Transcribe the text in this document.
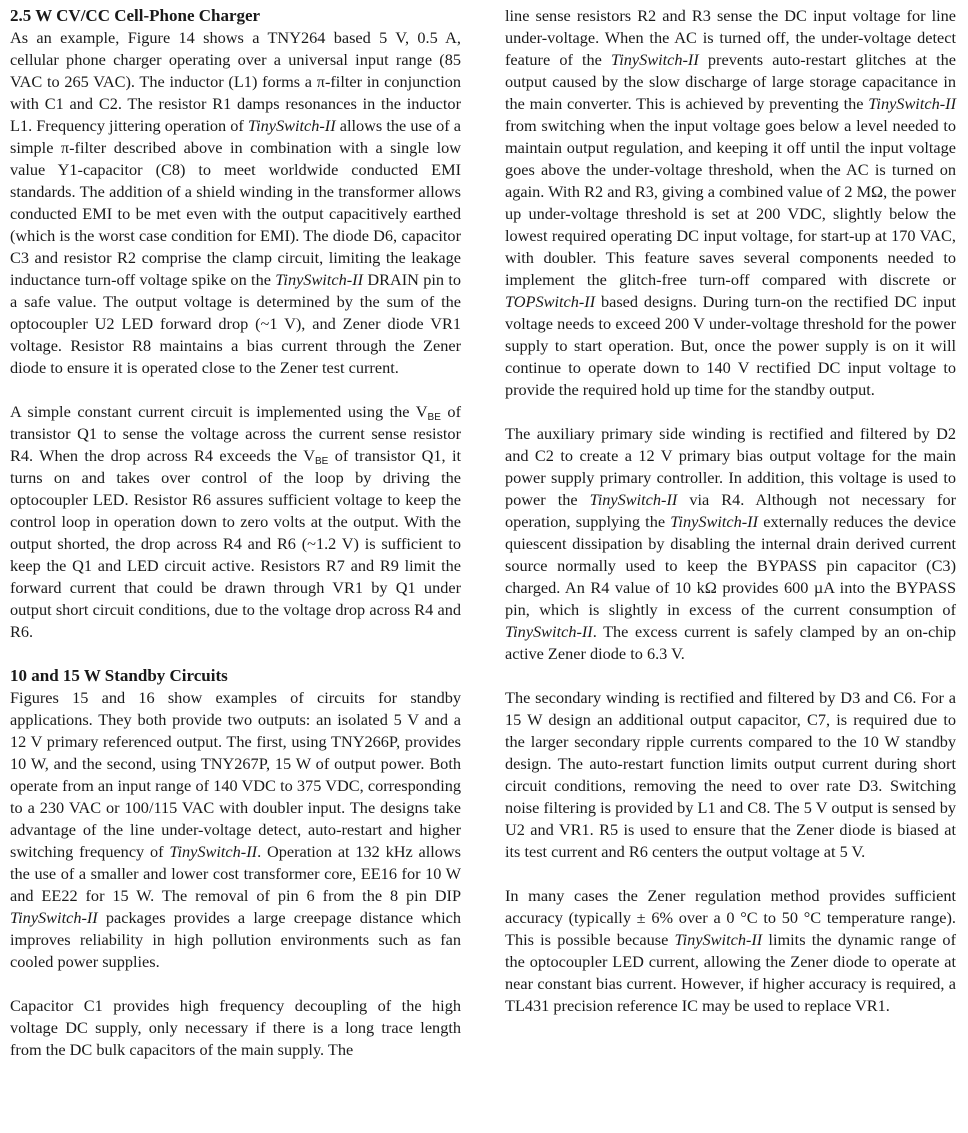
2.5 W CV/CC Cell-Phone Charger

As an example, Figure 14 shows a TNY264 based 5 V, 0.5 A, cellular phone charger operating over a universal input range (85 VAC to 265 VAC). The inductor (L1) forms a π-filter in conjunction with C1 and C2. The resistor R1 damps resonances in the inductor L1. Frequency jittering operation of TinySwitch-II allows the use of a simple π-filter described above in combination with a single low value Y1-capacitor (C8) to meet worldwide conducted EMI standards. The addition of a shield winding in the transformer allows conducted EMI to be met even with the output capacitively earthed (which is the worst case condition for EMI). The diode D6, capacitor C3 and resistor R2 comprise the clamp circuit, limiting the leakage inductance turn-off voltage spike on the TinySwitch-II DRAIN pin to a safe value. The output voltage is determined by the sum of the optocoupler U2 LED forward drop (~1 V), and Zener diode VR1 voltage. Resistor R8 maintains a bias current through the Zener diode to ensure it is operated close to the Zener test current.

A simple constant current circuit is implemented using the $V_{BE}$ of transistor Q1 to sense the voltage across the current sense resistor R4. When the drop across R4 exceeds the $V_{BE}$ of transistor Q1, it turns on and takes over control of the loop by driving the optocoupler LED. Resistor R6 assures sufficient voltage to keep the control loop in operation down to zero volts at the output. With the output shorted, the drop across R4 and R6 (~1.2 V) is sufficient to keep the Q1 and LED circuit active. Resistors R7 and R9 limit the forward current that could be drawn through VR1 by Q1 under output short circuit conditions, due to the voltage drop across R4 and R6.

10 and 15 W Standby Circuits

Figures 15 and 16 show examples of circuits for standby applications. They both provide two outputs: an isolated 5 V and a 12 V primary referenced output. The first, using TNY266P, provides 10 W, and the second, using TNY267P, 15 W of output power. Both operate from an input range of 140 VDC to 375 VDC, corresponding to a 230 VAC or 100/115 VAC with doubler input. The designs take advantage of the line under-voltage detect, auto-restart and higher switching frequency of TinySwitch-II. Operation at 132 kHz allows the use of a smaller and lower cost transformer core, EE16 for 10 W and EE22 for 15 W. The removal of pin 6 from the 8 pin DIP TinySwitch-II packages provides a large creepage distance which improves reliability in high pollution environments such as fan cooled power supplies.

Capacitor C1 provides high frequency decoupling of the high voltage DC supply, only necessary if there is a long trace length from the DC bulk capacitors of the main supply. The

line sense resistors R2 and R3 sense the DC input voltage for line under-voltage. When the AC is turned off, the under-voltage detect feature of the TinySwitch-II prevents auto-restart glitches at the output caused by the slow discharge of large storage capacitance in the main converter. This is achieved by preventing the TinySwitch-II from switching when the input voltage goes below a level needed to maintain output regulation, and keeping it off until the input voltage goes above the under-voltage threshold, when the AC is turned on again. With R2 and R3, giving a combined value of 2 MΩ, the power up under-voltage threshold is set at 200 VDC, slightly below the lowest required operating DC input voltage, for start-up at 170 VAC, with doubler. This feature saves several components needed to implement the glitch-free turn-off compared with discrete or TOPSwitch-II based designs. During turn-on the rectified DC input voltage needs to exceed 200 V under-voltage threshold for the power supply to start operation. But, once the power supply is on it will continue to operate down to 140 V rectified DC input voltage to provide the required hold up time for the standby output.

The auxiliary primary side winding is rectified and filtered by D2 and C2 to create a 12 V primary bias output voltage for the main power supply primary controller. In addition, this voltage is used to power the TinySwitch-II via R4. Although not necessary for operation, supplying the TinySwitch-II externally reduces the device quiescent dissipation by disabling the internal drain derived current source normally used to keep the BYPASS pin capacitor (C3) charged. An R4 value of 10 kΩ provides 600 µA into the BYPASS pin, which is slightly in excess of the current consumption of TinySwitch-II. The excess current is safely clamped by an on-chip active Zener diode to 6.3 V.

The secondary winding is rectified and filtered by D3 and C6. For a 15 W design an additional output capacitor, C7, is required due to the larger secondary ripple currents compared to the 10 W standby design. The auto-restart function limits output current during short circuit conditions, removing the need to over rate D3. Switching noise filtering is provided by L1 and C8. The 5 V output is sensed by U2 and VR1. R5 is used to ensure that the Zener diode is biased at its test current and R6 centers the output voltage at 5 V.

In many cases the Zener regulation method provides sufficient accuracy (typically ± 6% over a 0 °C to 50 °C temperature range). This is possible because TinySwitch-II limits the dynamic range of the optocoupler LED current, allowing the Zener diode to operate at near constant bias current. However, if higher accuracy is required, a TL431 precision reference IC may be used to replace VR1.
